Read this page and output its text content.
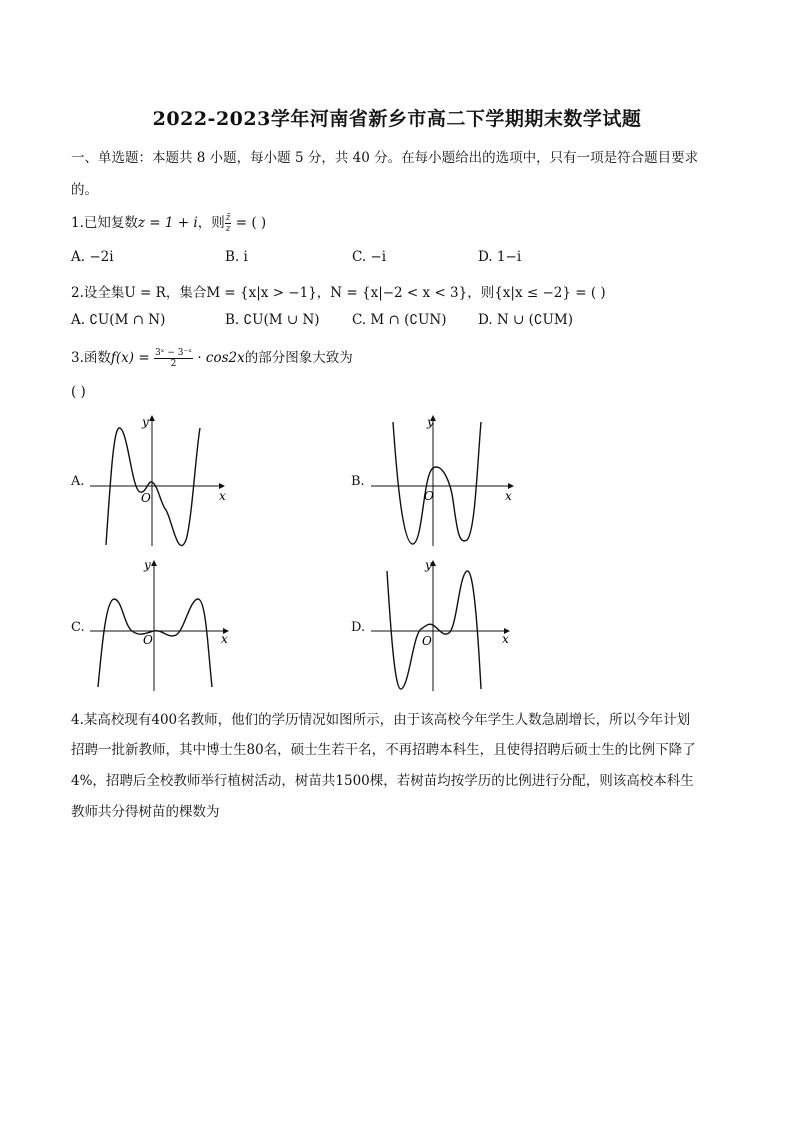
2022-2023学年河南省新乡市高二下学期期末数学试题
一、单选题：本题共 8 小题，每小题 5 分，共 40 分。在每小题给出的选项中，只有一项是符合题目要求
的。
1.已知复数z = 1 + i，则 $\frac{z̄}{z}$ = ( )
A. −2i	B. i	C. −i	D. 1−i
2.设全集U = R，集合M = {x|x > −1}，N = {x|−2 < x < 3}，则{x|x ≤ −2} = ( )
A. ∁U(M ∩ N)	B. ∁U(M ∪ N) C. M ∩ (∁UN) D. N ∪ (∁UM)
3.函数$f(x) = \frac{\text{3ˣ − 3⁻ˣ}}{2} \cdot \cos 2x$的部分图象大致为
( )
A.	B.
C.	D.
x
y
O	x
y
O
x
y
O	x
y
O
4.某高校现有400名教师，他们的学历情况如图所示，由于该高校今年学生人数急剧增长，所以今年计划
招聘一批新教师，其中博士生80名，硕士生若干名，不再招聘本科生，且使得招聘后硕士生的比例下降了
4%，招聘后全校教师举行植树活动，树苗共1500棵，若树苗均按学历的比例进行分配，则该高校本科生
教师共分得树苗的棵数为
